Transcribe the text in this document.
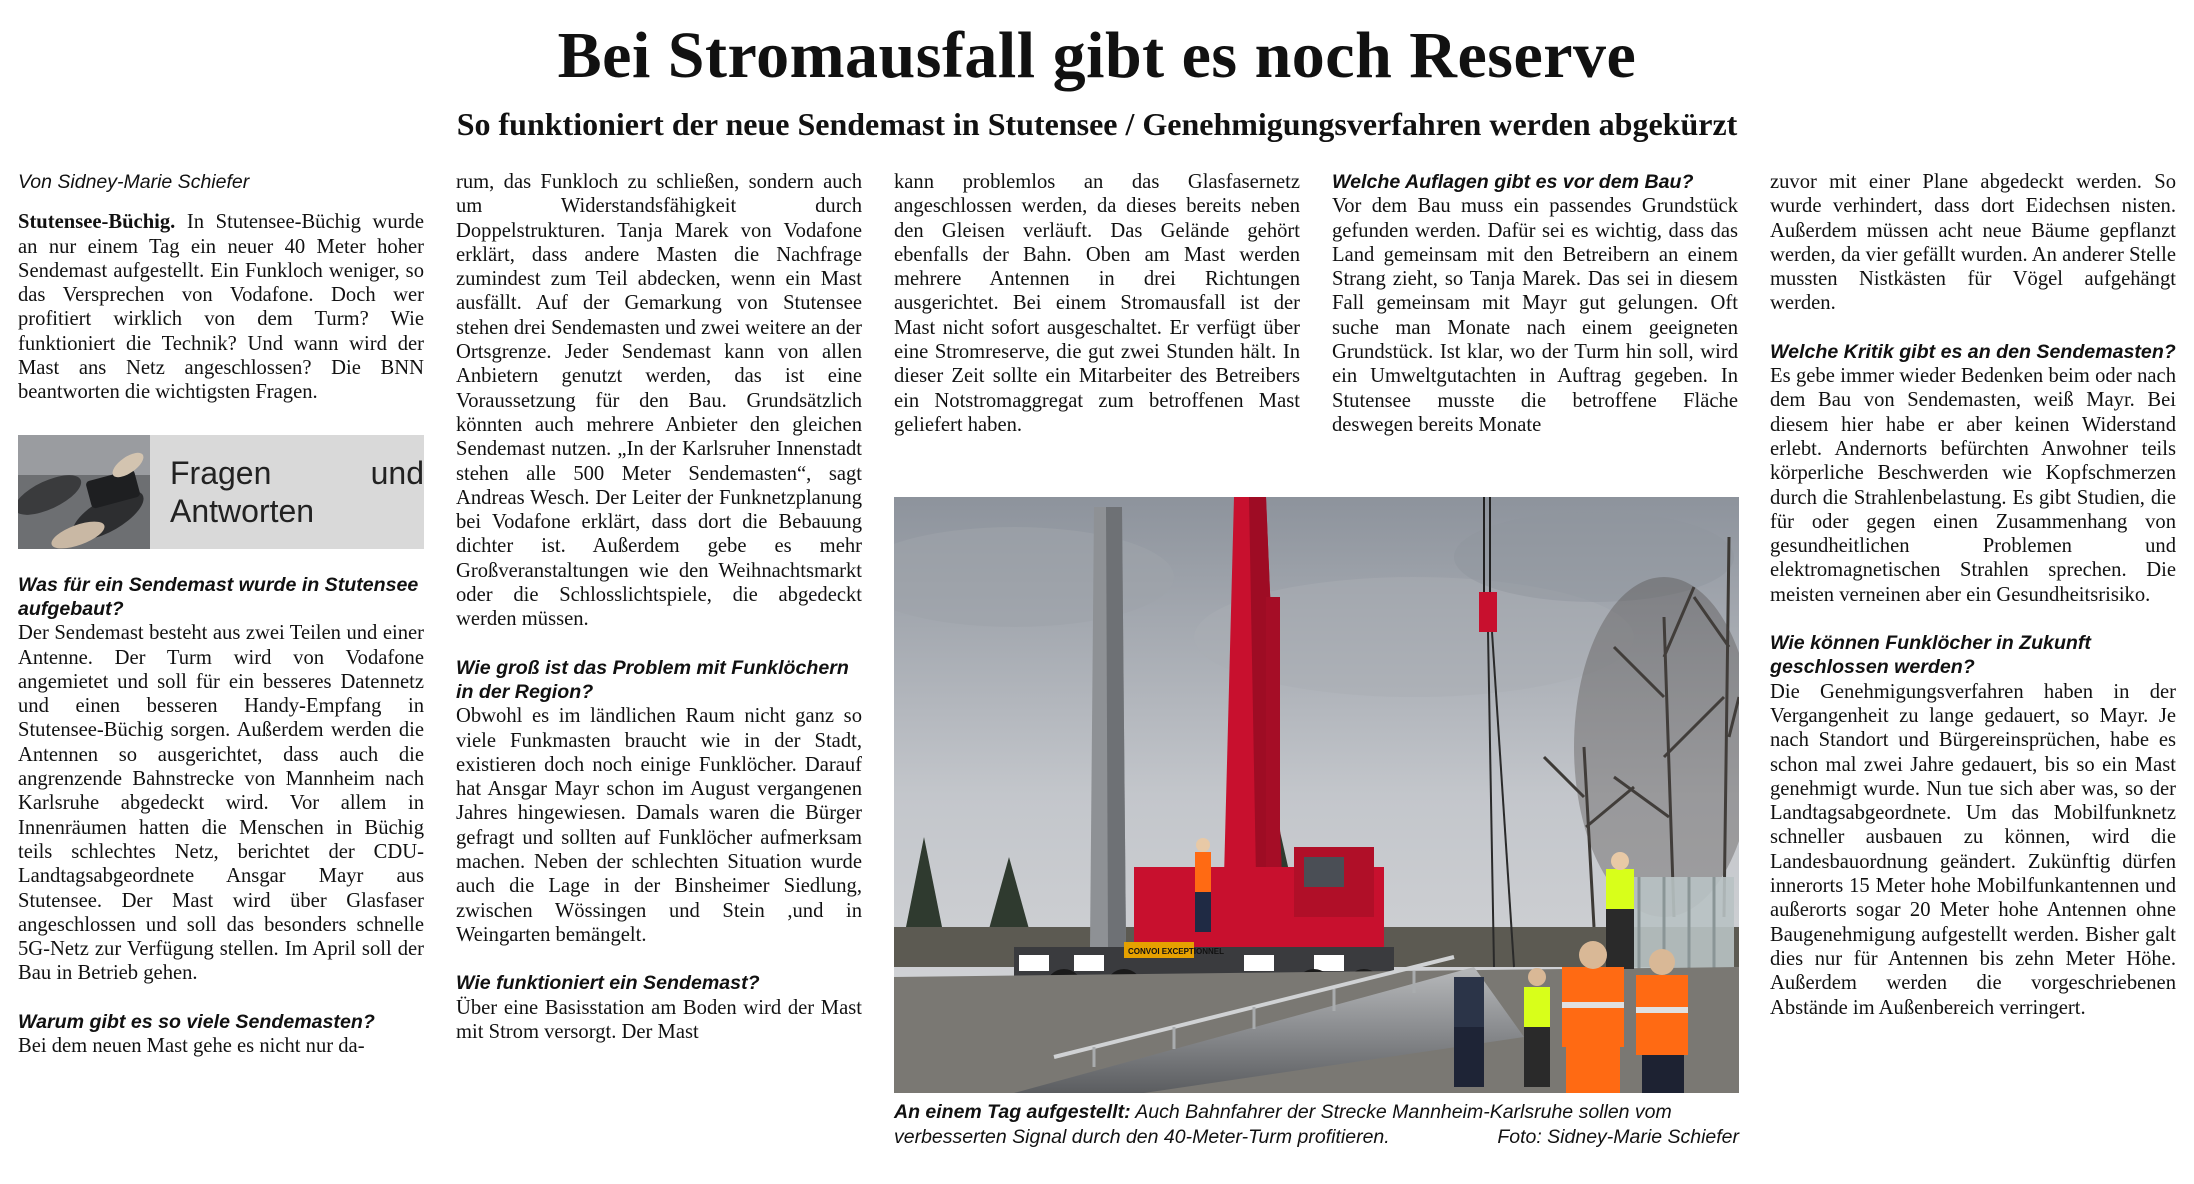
Bei Stromausfall gibt es noch Reserve
So funktioniert der neue Sendemast in Stutensee / Genehmigungsverfahren werden abgekürzt

Von Sidney-Marie Schiefer

Stutensee-Büchig. In Stutensee-Büchig wurde an nur einem Tag ein neuer 40 Meter hoher Sendemast aufgestellt. Ein Funkloch weniger, so das Versprechen von Vodafone. Doch wer profitiert wirklich von dem Turm? Wie funktioniert die Technik? Und wann wird der Mast ans Netz angeschlossen? Die BNN beantworten die wichtigsten Fragen.

Fragen und Antworten

Was für ein Sendemast wurde in Stutensee aufgebaut?

Der Sendemast besteht aus zwei Teilen und einer Antenne. Der Turm wird von Vodafone angemietet und soll für ein besseres Datennetz und einen besseren Handy-Empfang in Stutensee-Büchig sorgen. Außerdem werden die Antennen so ausgerichtet, dass auch die angrenzende Bahnstrecke von Mannheim nach Karlsruhe abgedeckt wird. Vor allem in Innenräumen hatten die Menschen in Büchig teils schlechtes Netz, berichtet der CDU-Landtagsabgeordnete Ansgar Mayr aus Stutensee. Der Mast wird über Glasfaser angeschlossen und soll das besonders schnelle 5G-Netz zur Verfügung stellen. Im April soll der Bau in Betrieb gehen.

Warum gibt es so viele Sendemasten?

Bei dem neuen Mast gehe es nicht nur da-

rum, das Funkloch zu schließen, sondern auch um Widerstandsfähigkeit durch Doppelstrukturen. Tanja Marek von Vodafone erklärt, dass andere Masten die Nachfrage zumindest zum Teil abdecken, wenn ein Mast ausfällt. Auf der Gemarkung von Stutensee stehen drei Sendemasten und zwei weitere an der Ortsgrenze. Jeder Sendemast kann von allen Anbietern genutzt werden, das ist eine Voraussetzung für den Bau. Grundsätzlich könnten auch mehrere Anbieter den gleichen Sendemast nutzen. „In der Karlsruher Innenstadt stehen alle 500 Meter Sendemasten“, sagt Andreas Wesch. Der Leiter der Funknetzplanung bei Vodafone erklärt, dass dort die Bebauung dichter ist. Außerdem gebe es mehr Großveranstaltungen wie den Weihnachtsmarkt oder die Schlosslichtspiele, die abgedeckt werden müssen.

Wie groß ist das Problem mit Funklöchern in der Region?

Obwohl es im ländlichen Raum nicht ganz so viele Funkmasten braucht wie in der Stadt, existieren doch noch einige Funklöcher. Darauf hat Ansgar Mayr schon im August vergangenen Jahres hingewiesen. Damals waren die Bürger gefragt und sollten auf Funklöcher aufmerksam machen. Neben der schlechten Situation wurde auch die Lage in der Binsheimer Siedlung, zwischen Wössingen und Stein ,und in Weingarten bemängelt.

Wie funktioniert ein Sendemast?

Über eine Basisstation am Boden wird der Mast mit Strom versorgt. Der Mast

kann problemlos an das Glasfasernetz angeschlossen werden, da dieses bereits neben den Gleisen verläuft. Das Gelände gehört ebenfalls der Bahn. Oben am Mast werden mehrere Antennen in drei Richtungen ausgerichtet. Bei einem Stromausfall ist der Mast nicht sofort ausgeschaltet. Er verfügt über eine Stromreserve, die gut zwei Stunden hält. In dieser Zeit sollte ein Mitarbeiter des Betreibers ein Notstromaggregat zum betroffenen Mast geliefert haben.

Welche Auflagen gibt es vor dem Bau?

Vor dem Bau muss ein passendes Grundstück gefunden werden. Dafür sei es wichtig, dass das Land gemeinsam mit den Betreibern an einem Strang zieht, so Tanja Marek. Das sei in diesem Fall gemeinsam mit Mayr gut gelungen. Oft suche man Monate nach einem geeigneten Grundstück. Ist klar, wo der Turm hin soll, wird ein Umweltgutachten in Auftrag gegeben. In Stutensee musste die betroffene Fläche deswegen bereits Monate

zuvor mit einer Plane abgedeckt werden. So wurde verhindert, dass dort Eidechsen nisten. Außerdem müssen acht neue Bäume gepflanzt werden, da vier gefällt wurden. An anderer Stelle mussten Nistkästen für Vögel aufgehängt werden.

Welche Kritik gibt es an den Sendemasten?

Es gebe immer wieder Bedenken beim oder nach dem Bau von Sendemasten, weiß Mayr. Bei diesem hier habe er aber keinen Widerstand erlebt. Andernorts befürchten Anwohner teils körperliche Beschwerden wie Kopfschmerzen durch die Strahlenbelastung. Es gibt Studien, die für oder gegen einen Zusammenhang von gesundheitlichen Problemen und elektromagnetischen Strahlen sprechen. Die meisten verneinen aber ein Gesundheitsrisiko.

Wie können Funklöcher in Zukunft geschlossen werden?

Die Genehmigungsverfahren haben in der Vergangenheit zu lange gedauert, so Mayr. Je nach Standort und Bürgereinsprüchen, habe es schon mal zwei Jahre gedauert, bis so ein Mast genehmigt wurde. Nun tue sich aber was, so der Landtagsabgeordnete. Um das Mobilfunknetz schneller ausbauen zu können, wird die Landesbauordnung geändert. Zukünftig dürfen innerorts 15 Meter hohe Mobilfunkantennen und außerorts sogar 20 Meter hohe Antennen ohne Baugenehmigung aufgestellt werden. Bisher galt dies nur für Antennen bis zehn Meter Höhe. Außerdem werden die vorgeschriebenen Abstände im Außenbereich verringert.

CONVOI EXCEPTIONNEL
An einem Tag aufgestellt: Auch Bahnfahrer der Strecke Mannheim-Karlsruhe sollen vom verbesserten Signal durch den 40-Meter-Turm profitieren.	Foto: Sidney-Marie Schiefer
